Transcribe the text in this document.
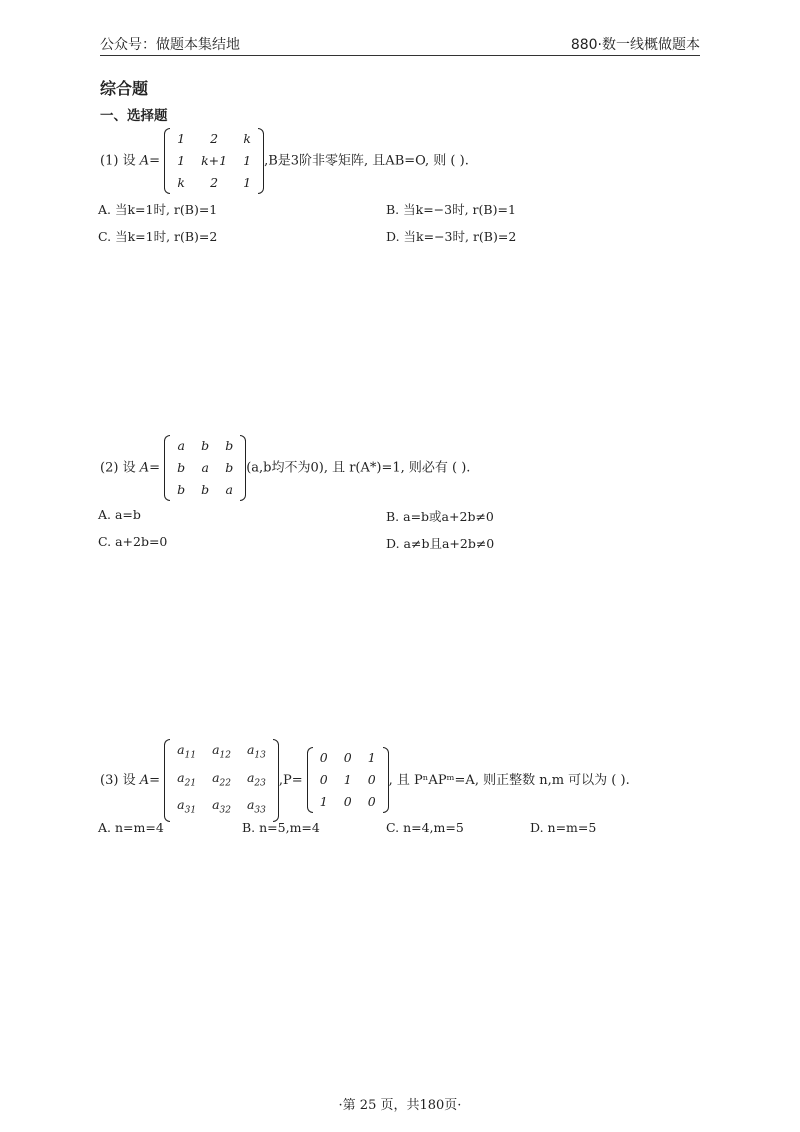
公众号：做题本集结地	880·数一线概做题本
综合题
一、选择题
(1) 设 A=
1	2	k
1	k+1	1
k	2	1
,B是3阶非零矩阵, 且AB=O, 则 ( ).
A. 当k=1时, r(B)=1	B. 当k=−3时, r(B)=1
C. 当k=1时, r(B)=2	D. 当k=−3时, r(B)=2
(2) 设 A=
a	b	b
b	a	b
b	b	a
(a,b均不为0), 且 r(A*)=1, 则必有 ( ).
A. a=b	B. a=b或a+2b≠0
C. a+2b=0	D. a≠b且a+2b≠0
(3) 设 A=
$a_{11}$	$a_{12}$	$a_{13}$
$a_{21}$	$a_{22}$	$a_{23}$
$a_{31}$	$a_{32}$	$a_{33}$
,P=
0	0	1
0	1	0
1	0	0
, 且 PⁿAPᵐ=A, 则正整数 n,m 可以为 ( ).
A. n=m=4	B. n=5,m=4	C. n=4,m=5	D. n=m=5
·第 25 页，共180页·
